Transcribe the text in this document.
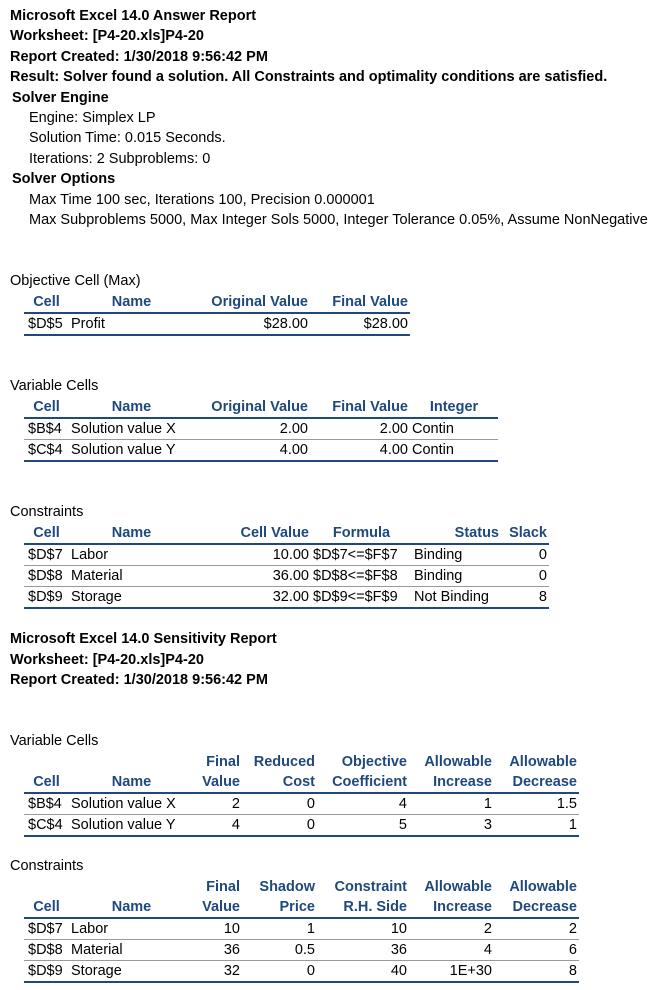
Microsoft Excel 14.0 Answer Report
Worksheet: [P4-20.xls]P4-20
Report Created: 1/30/2018 9:56:42 PM
Result: Solver found a solution. All Constraints and optimality conditions are satisfied.
Solver Engine
Engine: Simplex LP
Solution Time: 0.015 Seconds.
Iterations: 2 Subproblems: 0
Solver Options
Max Time 100 sec, Iterations 100, Precision 0.000001
Max Subproblems 5000, Max Integer Sols 5000, Integer Tolerance 0.05%, Assume NonNegative
Objective Cell (Max)
Cell	Name	Original Value	Final Value
$D$5	Profit	$28.00	$28.00
Variable Cells
Cell	Name	Original Value	Final Value	Integer
$B$4	Solution value X	2.00	2.00	Contin
$C$4	Solution value Y	4.00	4.00	Contin
Constraints
Cell	Name	Cell Value	Formula	Status	Slack
$D$7	Labor	10.00	$D$7<=$F$7	Binding	0
$D$8	Material	36.00	$D$8<=$F$8	Binding	0
$D$9	Storage	32.00	$D$9<=$F$9	Not Binding	8
Microsoft Excel 14.0 Sensitivity Report
Worksheet: [P4-20.xls]P4-20
Report Created: 1/30/2018 9:56:42 PM
Variable Cells
		Final	Reduced	Objective	Allowable	Allowable
Cell	Name	Value	Cost	Coefficient	Increase	Decrease
$B$4	Solution value X	2	0	4	1	1.5
$C$4	Solution value Y	4	0	5	3	1
Constraints
		Final	Shadow	Constraint	Allowable	Allowable
Cell	Name	Value	Price	R.H. Side	Increase	Decrease
$D$7	Labor	10	1	10	2	2
$D$8	Material	36	0.5	36	4	6
$D$9	Storage	32	0	40	1E+30	8
